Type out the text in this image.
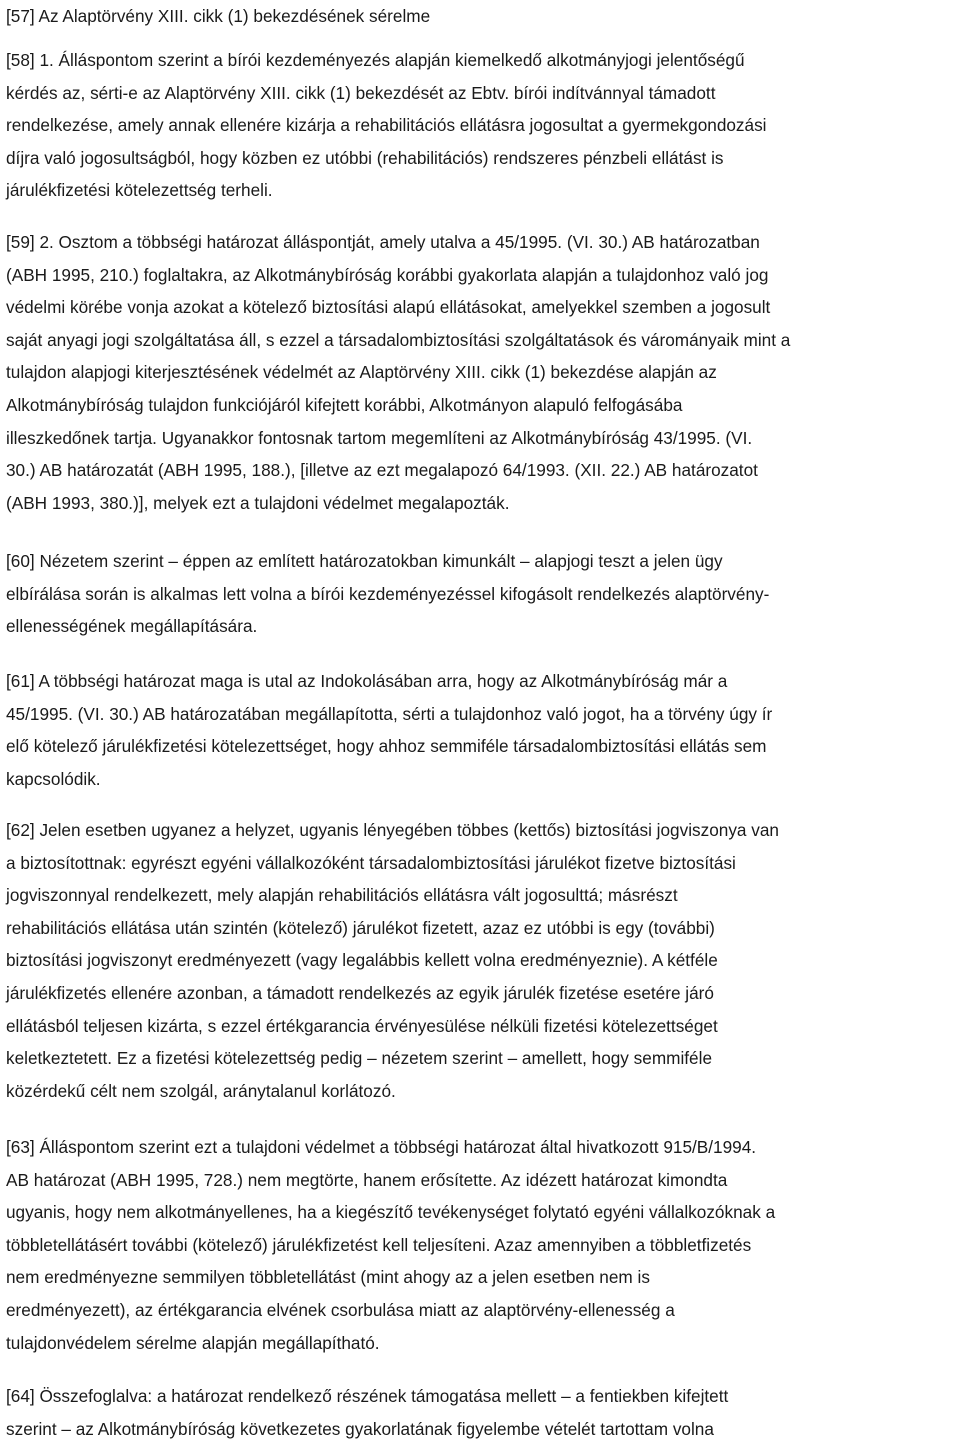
[57] Az Alaptörvény XIII. cikk (1) bekezdésének sérelme

[58] 1. Álláspontom szerint a bírói kezdeményezés alapján kiemelkedő alkotmányjogi jelentőségű
kérdés az, sérti-e az Alaptörvény XIII. cikk (1) bekezdését az Ebtv. bírói indítvánnyal támadott
rendelkezése, amely annak ellenére kizárja a rehabilitációs ellátásra jogosultat a gyermekgondozási
díjra való jogosultságból, hogy közben ez utóbbi (rehabilitációs) rendszeres pénzbeli ellátást is
járulékfizetési kötelezettség terheli.

[59] 2. Osztom a többségi határozat álláspontját, amely utalva a 45/1995. (VI. 30.) AB határozatban
(ABH 1995, 210.) foglaltakra, az Alkotmánybíróság korábbi gyakorlata alapján a tulajdonhoz való jog
védelmi körébe vonja azokat a kötelező biztosítási alapú ellátásokat, amelyekkel szemben a jogosult
saját anyagi jogi szolgáltatása áll, s ezzel a társadalombiztosítási szolgáltatások és várományaik mint a
tulajdon alapjogi kiterjesztésének védelmét az Alaptörvény XIII. cikk (1) bekezdése alapján az
Alkotmánybíróság tulajdon funkciójáról kifejtett korábbi, Alkotmányon alapuló felfogásába
illeszkedőnek tartja. Ugyanakkor fontosnak tartom megemlíteni az Alkotmánybíróság 43/1995. (VI.
30.) AB határozatát (ABH 1995, 188.), [illetve az ezt megalapozó 64/1993. (XII. 22.) AB határozatot
(ABH 1993, 380.)], melyek ezt a tulajdoni védelmet megalapozták.

[60] Nézetem szerint – éppen az említett határozatokban kimunkált – alapjogi teszt a jelen ügy
elbírálása során is alkalmas lett volna a bírói kezdeményezéssel kifogásolt rendelkezés alaptörvény-
ellenességének megállapítására.

[61] A többségi határozat maga is utal az Indokolásában arra, hogy az Alkotmánybíróság már a
45/1995. (VI. 30.) AB határozatában megállapította, sérti a tulajdonhoz való jogot, ha a törvény úgy ír
elő kötelező járulékfizetési kötelezettséget, hogy ahhoz semmiféle társadalombiztosítási ellátás sem
kapcsolódik.

[62] Jelen esetben ugyanez a helyzet, ugyanis lényegében többes (kettős) biztosítási jogviszonya van
a biztosítottnak: egyrészt egyéni vállalkozóként társadalombiztosítási járulékot fizetve biztosítási
jogviszonnyal rendelkezett, mely alapján rehabilitációs ellátásra vált jogosulttá; másrészt
rehabilitációs ellátása után szintén (kötelező) járulékot fizetett, azaz ez utóbbi is egy (további)
biztosítási jogviszonyt eredményezett (vagy legalábbis kellett volna eredményeznie). A kétféle
járulékfizetés ellenére azonban, a támadott rendelkezés az egyik járulék fizetése esetére járó
ellátásból teljesen kizárta, s ezzel értékgarancia érvényesülése nélküli fizetési kötelezettséget
keletkeztetett. Ez a fizetési kötelezettség pedig – nézetem szerint – amellett, hogy semmiféle
közérdekű célt nem szolgál, aránytalanul korlátozó.

[63] Álláspontom szerint ezt a tulajdoni védelmet a többségi határozat által hivatkozott 915/B/1994.
AB határozat (ABH 1995, 728.) nem megtörte, hanem erősítette. Az idézett határozat kimondta
ugyanis, hogy nem alkotmányellenes, ha a kiegészítő tevékenységet folytató egyéni vállalkozóknak a
többletellátásért további (kötelező) járulékfizetést kell teljesíteni. Azaz amennyiben a többletfizetés
nem eredményezne semmilyen többletellátást (mint ahogy az a jelen esetben nem is
eredményezett), az értékgarancia elvének csorbulása miatt az alaptörvény-ellenesség a
tulajdonvédelem sérelme alapján megállapítható.

[64] Összefoglalva: a határozat rendelkező részének támogatása mellett – a fentiekben kifejtett
szerint – az Alkotmánybíróság következetes gyakorlatának figyelembe vételét tartottam volna
